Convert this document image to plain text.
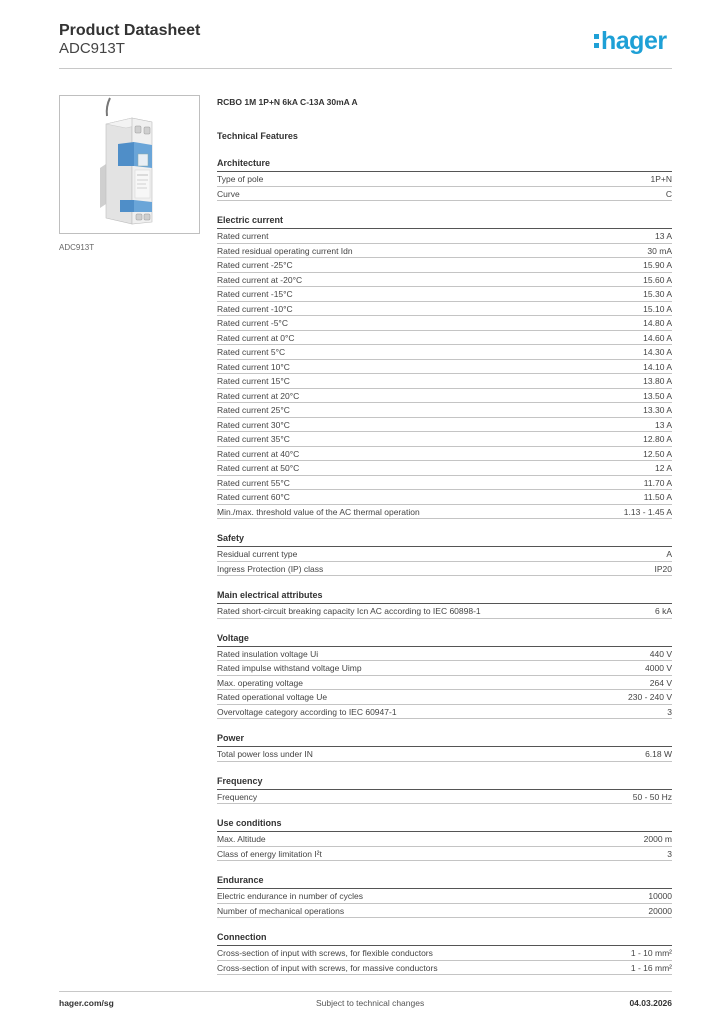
Product Datasheet
ADC913T	hager
ADC913T
RCBO 1M 1P+N 6kA C-13A 30mA A
Technical Features
Architecture
Type of pole	1P+N
Curve	C
Electric current
Rated current	13 A
Rated residual operating current Idn	30 mA
Rated current -25°C	15.90 A
Rated current at -20°C	15.60 A
Rated current -15°C	15.30 A
Rated current -10°C	15.10 A
Rated current -5°C	14.80 A
Rated current at 0°C	14.60 A
Rated current 5°C	14.30 A
Rated current 10°C	14.10 A
Rated current 15°C	13.80 A
Rated current at 20°C	13.50 A
Rated current 25°C	13.30 A
Rated current 30°C	13 A
Rated current 35°C	12.80 A
Rated current at 40°C	12.50 A
Rated current at 50°C	12 A
Rated current 55°C	11.70 A
Rated current 60°C	11.50 A
Min./max. threshold value of the AC thermal operation	1.13 - 1.45 A
Safety
Residual current type	A
Ingress Protection (IP) class	IP20
Main electrical attributes
Rated short-circuit breaking capacity Icn AC according to IEC 60898-1	6 kA
Voltage
Rated insulation voltage Ui	440 V
Rated impulse withstand voltage Uimp	4000 V
Max. operating voltage	264 V
Rated operational voltage Ue	230 - 240 V
Overvoltage category according to IEC 60947-1	3
Power
Total power loss under IN	6.18 W
Frequency
Frequency	50 - 50 Hz
Use conditions
Max. Altitude	2000 m
Class of energy limitation I²t	3
Endurance
Electric endurance in number of cycles	10000
Number of mechanical operations	20000
Connection
Cross-section of input with screws, for flexible conductors	1 - 10 mm²
Cross-section of input with screws, for massive conductors	1 - 16 mm²
hager.com/sg	Subject to technical changes	04.03.2026
